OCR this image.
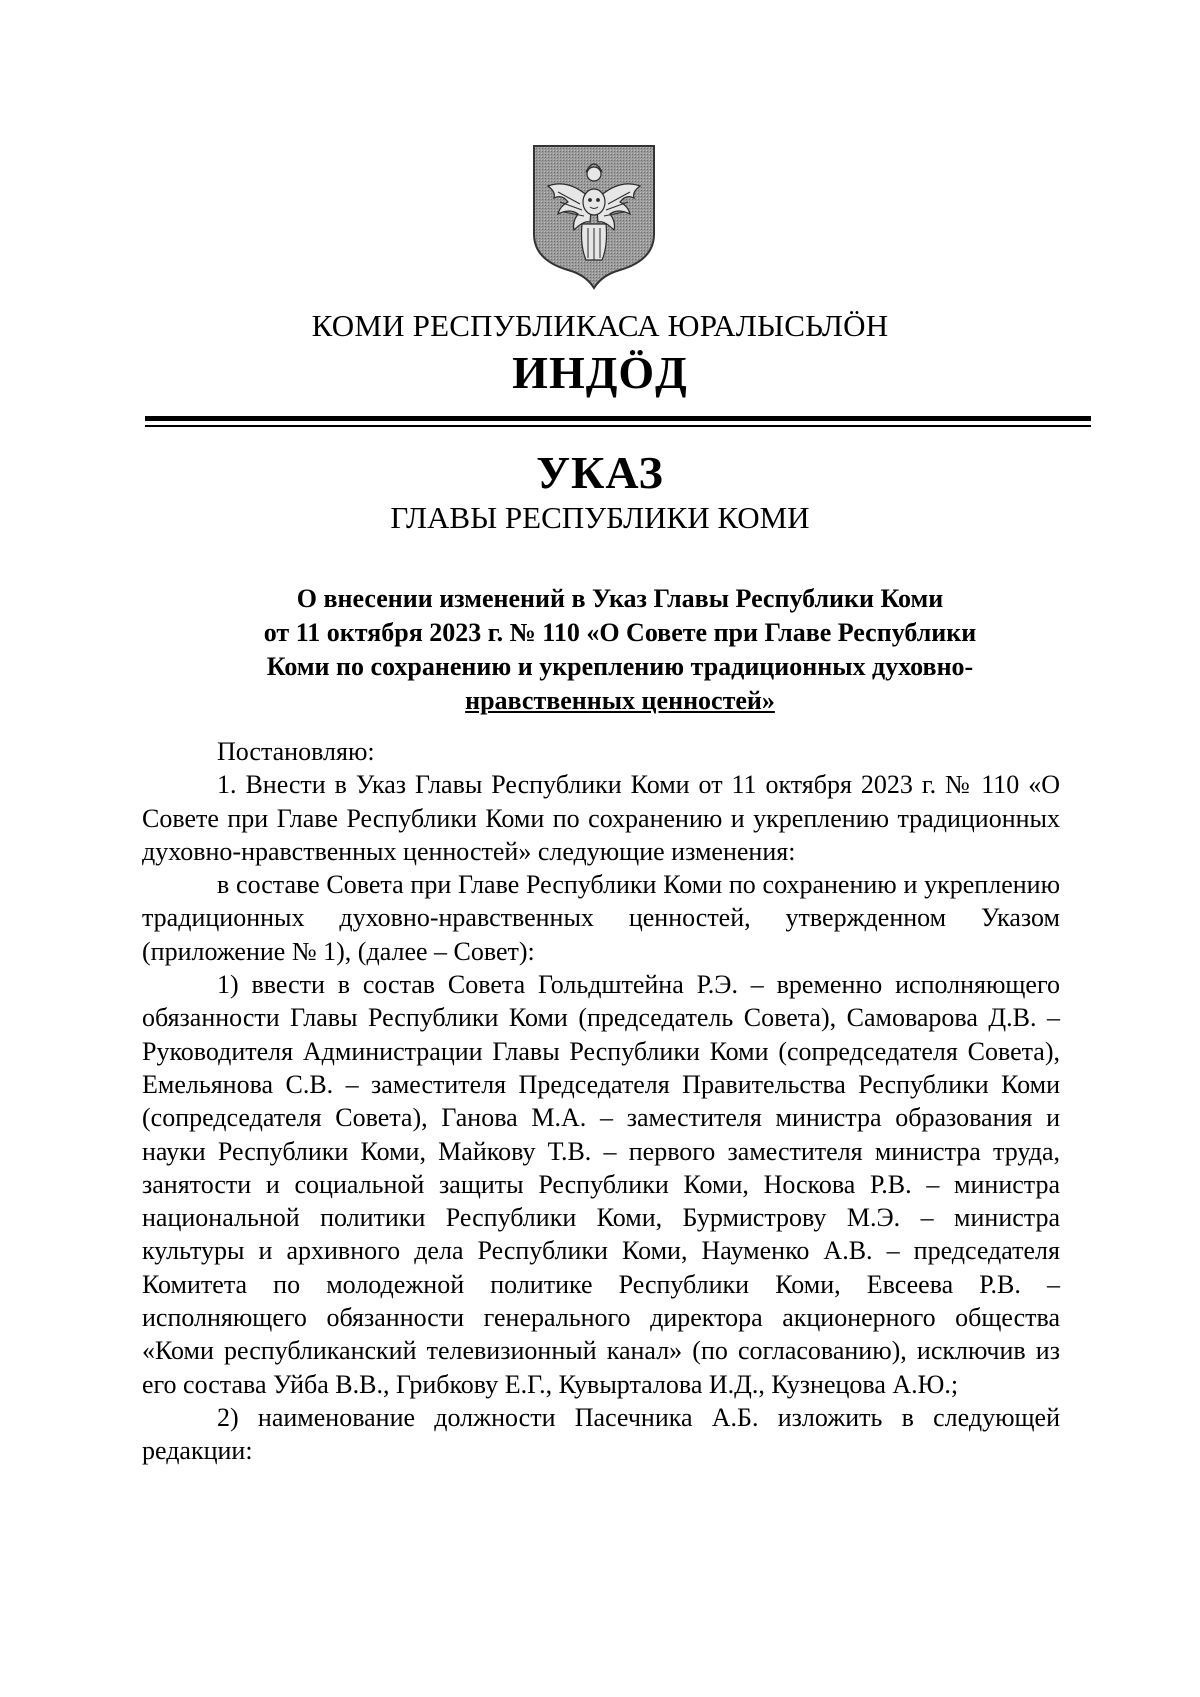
КОМИ РЕСПУБЛИКАСА ЮРАЛЫСЬЛӦН
ИНДӦД
УКАЗ
ГЛАВЫ РЕСПУБЛИКИ КОМИ
О внесении изменений в Указ Главы Республики Коми
от 11 октября 2023 г. № 110 «О Совете при Главе Республики
Коми по сохранению и укреплению традиционных духовно-
нравственных ценностей»

Постановляю:

1. Внести в Указ Главы Республики Коми от 11 октября 2023 г. № 110 «О Совете при Главе Республики Коми по сохранению и укреплению традиционных духовно-нравственных ценностей» следующие изменения:

в составе Совета при Главе Республики Коми по сохранению и укреплению традиционных духовно-нравственных ценностей, утвержденном Указом (приложение № 1), (далее – Совет):

1) ввести в состав Совета Гольдштейна Р.Э. – временно исполняющего обязанности Главы Республики Коми (председатель Совета), Самоварова Д.В. – Руководителя Администрации Главы Республики Коми (сопредседателя Совета), Емельянова С.В. – заместителя Председателя Правительства Республики Коми (сопредседателя Совета), Ганова М.А. – заместителя министра образования и науки Республики Коми, Майкову Т.В. – первого заместителя министра труда, занятости и социальной защиты Республики Коми, Носкова Р.В. – министра национальной политики Республики Коми, Бурмистрову М.Э. – министра культуры и архивного дела Республики Коми, Науменко А.В. – председателя Комитета по молодежной политике Республики Коми, Евсеева Р.В. – исполняющего обязанности генерального директора акционерного общества «Коми республиканский телевизионный канал» (по согласованию), исключив из его состава Уйба В.В., Грибкову Е.Г., Кувырталова И.Д., Кузнецова А.Ю.;

2) наименование должности Пасечника А.Б. изложить в следующей редакции:
